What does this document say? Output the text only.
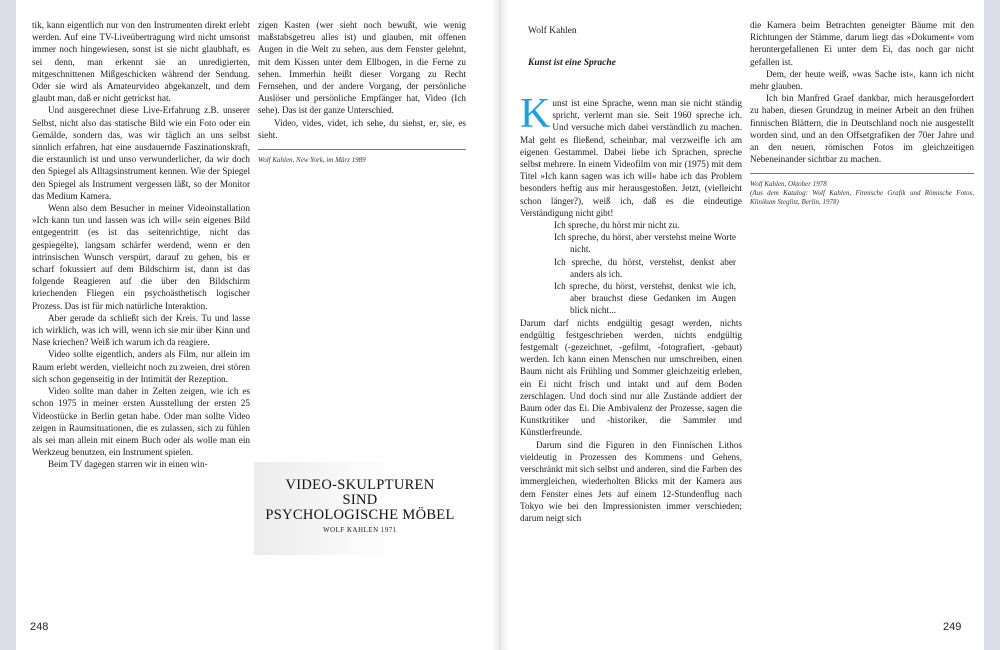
tik, kann eigentlich nur von den Instrumenten direkt erlebt werden. Auf eine TV-Liveübertragung wird nicht umsonst immer noch hingewiesen, sonst ist sie nicht glaubhaft, es sei denn, man erkennt sie an unredigierten, mitgeschnittenen Mißgeschicken während der Sendung. Oder sie wird als Amateurvideo abgekanzelt, und dem glaubt man, daß er nicht getrickst hat.

Und ausgerechnet diese Live-Erfahrung z.B. unserer Selbst, nicht also das statische Bild wie ein Foto oder ein Gemälde, sondern das, was wir täglich an uns selbst sinnlich erfahren, hat eine ausdauernde Faszinationskraft, die erstaunlich ist und unso verwunderlicher, da wir doch den Spiegel als Alltagsinstrument kennen. Wie der Spiegel den Spiegel als Instrument vergessen läßt, so der Monitor das Medium Kamera.

Wenn also dem Besucher in meiner Videoinstallation »Ich kann tun und lassen was ich will« sein eigenes Bild entgegentritt (es ist das seitenrichtige, nicht das gespiegelte), langsam schärfer werdend, wenn er den intrinsischen Wunsch verspürt, darauf zu gehen, bis er scharf fokussiert auf dem Bildschirm ist, dann ist das folgende Reagieren auf die über den Bildschirm kriechenden Fliegen ein psychoästhetisch logischer Prozess. Das ist für mich natürliche Interaktion.

Aber gerade da schließt sich der Kreis. Tu und lasse ich wirklich, was ich will, wenn ich sie mir über Kinn und Nase kriechen? Weiß ich warum ich da reagiere.

Video sollte eigentlich, anders als Film, nur allein im Raum erlebt werden, vielleicht noch zu zweien, drei stören sich schon gegenseitig in der Intimität der Rezeption.

Video sollte man daher in Zelten zeigen, wie ich es schon 1975 in meiner ersten Ausstellung der ersten 25 Videostücke in Berlin getan habe. Oder man sollte Video zeigen in Raumsituationen, die es zulassen, sich zu fühlen als sei man allein mit einem Buch oder als wolle man ein Werkzeug benutzen, ein Instrument spielen.

Beim TV dagegen starren wir in einen win-

zigen Kasten (wer sieht noch bewußt, wie wenig maßstabsgetreu alles ist) und glauben, mit offenen Augen in die Welt zu sehen, aus dem Fenster gelehnt, mit dem Kissen unter dem Ellbogen, in die Ferne zu sehen. Immerhin heißt dieser Vorgang zu Recht Fernsehen, und der andere Vorgang, der persönliche Auslöser und persönliche Empfänger hat, Video (Ich sehe). Das ist der ganze Unterschied.

Video, vides, videt, ich sehe, du siehst, er, sie, es sieht.

Wolf Kahlen, New York, im März 1989

VIDEO-SKULPTUREN
SIND
PSYCHOLOGISCHE MÖBEL
WOLF KAHLEN 1971
248
Wolf Kahlen
Kunst ist eine Sprache

Kunst ist eine Sprache, wenn man sie nicht ständig spricht, verlernt man sie. Seit 1960 spreche ich. Und versuche mich dabei verständlich zu machen. Mal geht es fließend, scheinbar, mal verzweifle ich am eigenen Gestammel. Dabei liebe ich Sprachen, spreche selbst mehrere. In einem Videofilm von mir (1975) mit dem Titel »Ich kann sagen was ich will« habe ich das Problem besonders heftig aus mir herausgestoßen. Jetzt, (vielleicht schon länger?), weiß ich, daß es die eindeutige Verständigung nicht gibt!

Ich spreche, du hörst mir nicht zu.

Ich spreche, du hörst, aber verstehst meine Worte nicht.

Ich spreche, du hörst, verstehst, denkst aber anders als ich.

Ich spreche, du hörst, verstehst, denkst wie ich, aber brauchst diese Gedanken im Augen blick nicht...

Darum darf nichts endgültig gesagt werden, nichts endgültig festgeschrieben werden, nichts endgültig festgemalt (-gezeichnet, -gefilmt, -fotografiert, -gebaut) werden. Ich kann einen Menschen nur umschreiben, einen Baum nicht als Frühling und Sommer gleichzeitig erleben, ein Ei nicht frisch und intakt und auf dem Boden zerschlagen. Und doch sind nur alle Zustände addiert der Baum oder das Ei. Die Ambivalenz der Prozesse, sagen die Kunstkritiker und -historiker, die Sammler und Künstlerfreunde.

Darum sind die Figuren in den Finnischen Lithos vieldeutig in Prozessen des Kommens und Gehens, verschränkt mit sich selbst und anderen, sind die Farben des immergleichen, wiederholten Blicks mit der Kamera aus dem Fenster eines Jets auf einem 12-Stundenflug nach Tokyo wie bei den Impressionisten immer verschieden; darum neigt sich

die Kamera beim Betrachten geneigter Bäume mit den Richtungen der Stämme, darum liegt das »Dokument« vom heruntergefallenen Ei unter dem Ei, das noch gar nicht gefallen ist.

Dem, der heute weiß, »was Sache ist«, kann ich nicht mehr glauben.

Ich bin Manfred Graef dankbar, mich herausgefordert zu haben, diesen Grundzug in meiner Arbeit an den frühen finnischen Blättern, die in Deutschland noch nie ausgestellt worden sind, und an den Offsetgrafiken der 70er Jahre und an den neuen, römischen Fotos im gleichzeitigen Nebeneinander sichtbar zu machen.

Wolf Kahlen, Oktober 1978

(Aus dem Katalog: Wolf Kahlen, Finnische Grafik und Römische Fotos, Klinikum Steglitz, Berlin, 1978)

249
